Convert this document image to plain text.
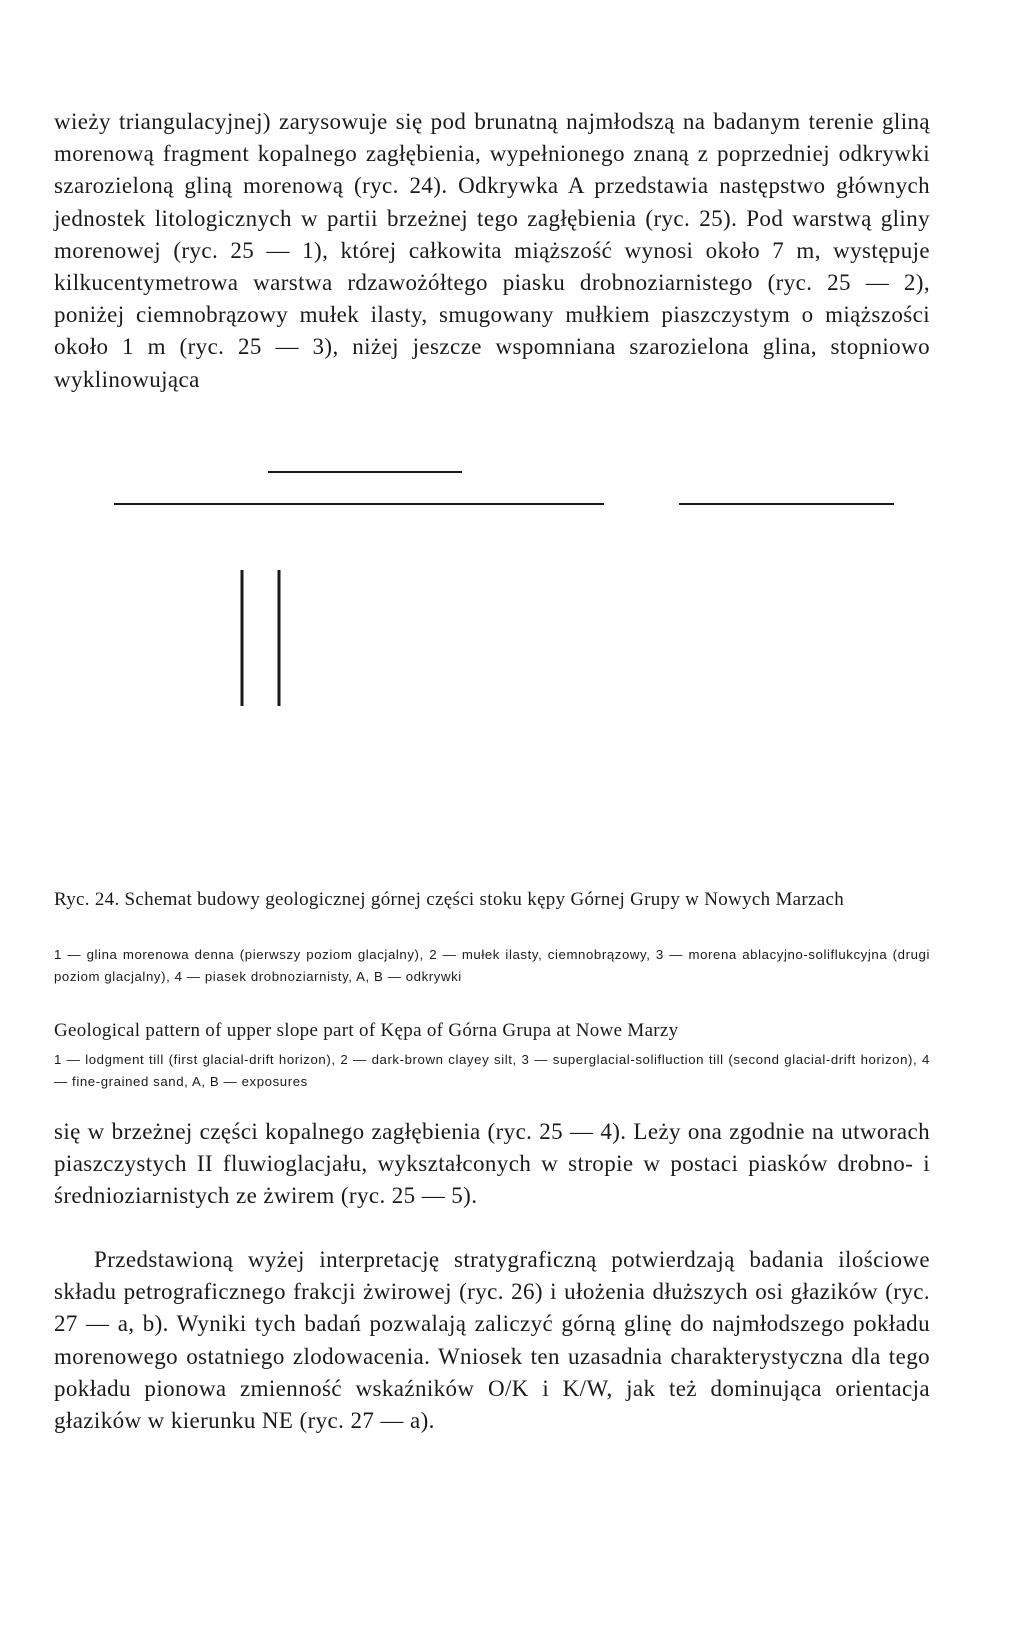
wieży triangulacyjnej) zarysowuje się pod brunatną najmłodszą na badanym terenie gliną morenową fragment kopalnego zagłębienia, wypełnionego znaną z poprzedniej odkrywki szarozieloną gliną morenową (ryc. 24). Odkrywka A przedstawia następstwo głównych jednostek litologicznych w partii brzeżnej tego zagłębienia (ryc. 25). Pod warstwą gliny morenowej (ryc. 25 — 1), której całkowita miąższość wynosi około 7 m, występuje kilkucentymetrowa warstwa rdzawożółtego piasku drobnoziarnistego (ryc. 25 — 2), poniżej ciemnobrązowy mułek ilasty, smugowany mułkiem piaszczystym o miąższości około 1 m (ryc. 25 — 3), niżej jeszcze wspomniana szarozielona glina, stopniowo wyklinowująca

Ryc. 24. Schemat budowy geologicznej górnej części stoku kępy Górnej Grupy w Nowych Marzach

1 — glina morenowa denna (pierwszy poziom glacjalny), 2 — mułek ilasty, ciemnobrązowy, 3 — morena ablacyjno-soliflukcyjna (drugi poziom glacjalny), 4 — piasek drobnoziarnisty, A, B — odkrywki

Geological pattern of upper slope part of Kępa of Górna Grupa at Nowe Marzy

1 — lodgment till (first glacial-drift horizon), 2 — dark-brown clayey silt, 3 — superglacial-solifluction till (second glacial-drift horizon), 4 — fine-grained sand, A, B — exposures

się w brzeżnej części kopalnego zagłębienia (ryc. 25 — 4). Leży ona zgodnie na utworach piaszczystych II fluwioglacjału, wykształconych w stropie w postaci piasków drobno- i średnioziarnistych ze żwirem (ryc. 25 — 5).

Przedstawioną wyżej interpretację stratygraficzną potwierdzają badania ilościowe składu petrograficznego frakcji żwirowej (ryc. 26) i ułożenia dłuższych osi głazików (ryc. 27 — a, b). Wyniki tych badań pozwalają zaliczyć górną glinę do najmłodszego pokładu morenowego ostatniego zlodowacenia. Wniosek ten uzasadnia charakterystyczna dla tego pokładu pionowa zmienność wskaźników O/K i K/W, jak też dominująca orientacja głazików w kierunku NE (ryc. 27 — a).
